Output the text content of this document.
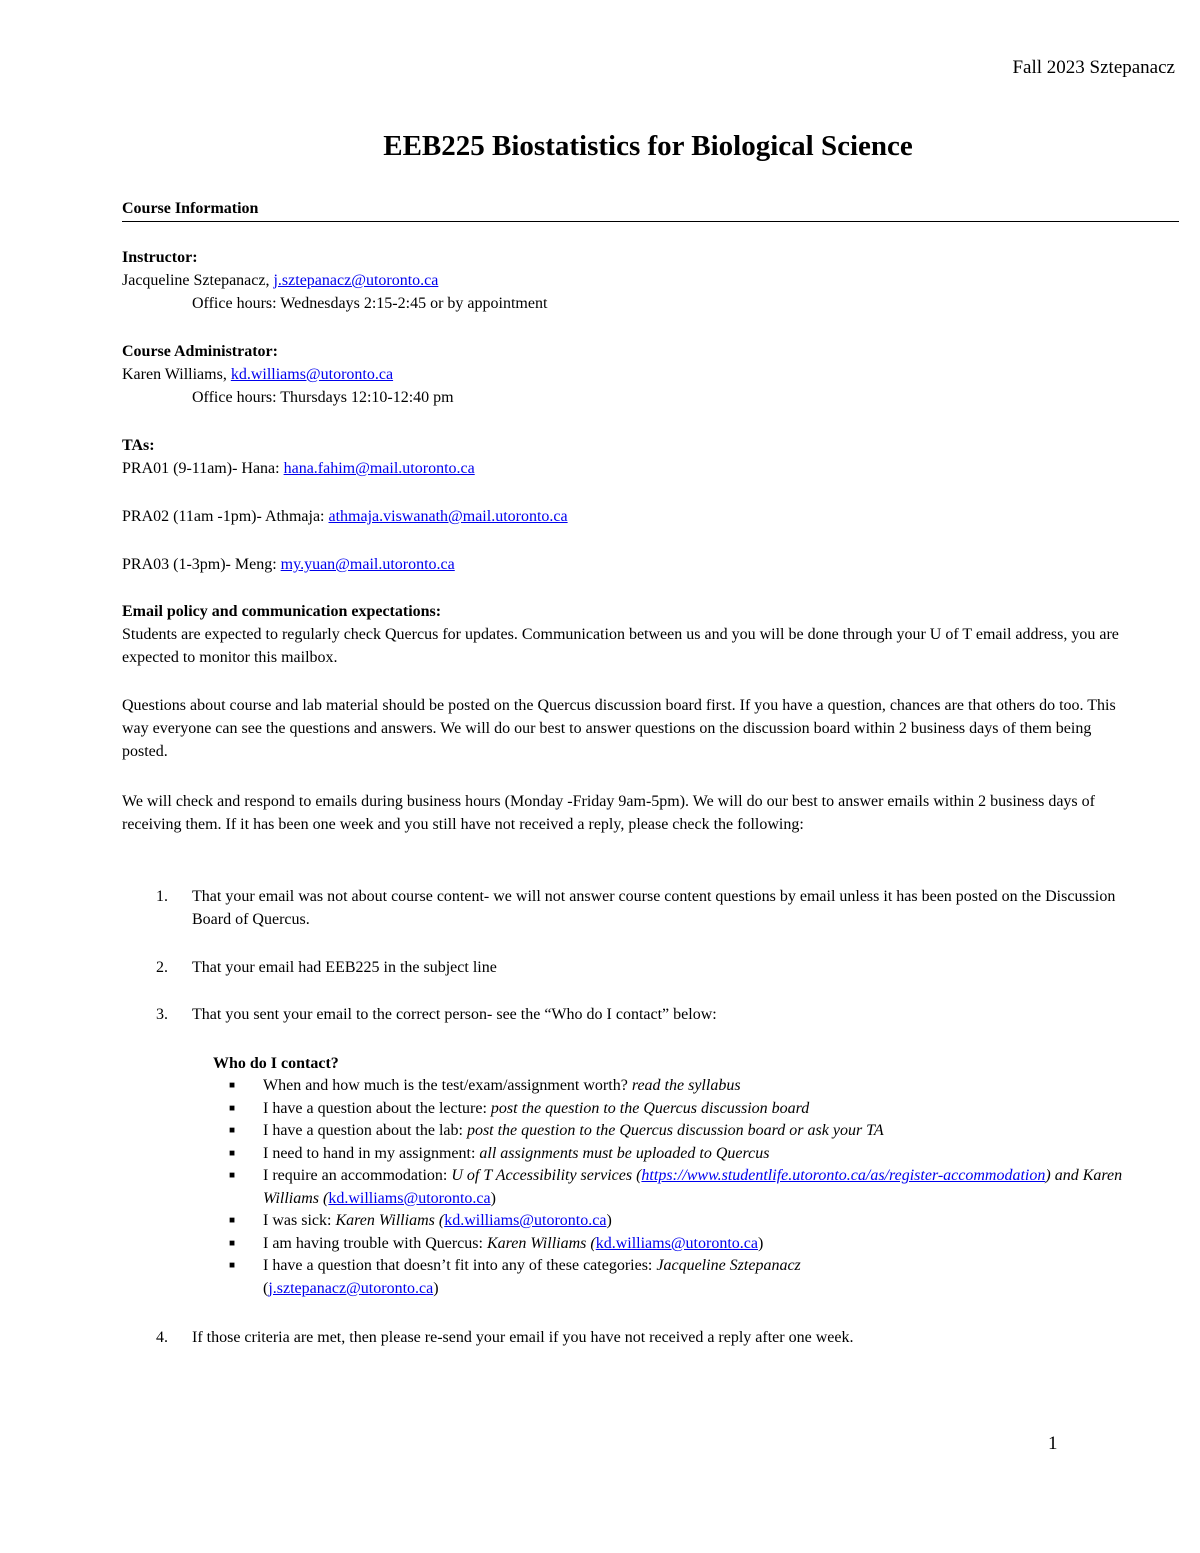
Fall 2023 Sztepanacz
EEB225 Biostatistics for Biological Science
Course Information
Instructor:
Jacqueline Sztepanacz, j.sztepanacz@utoronto.ca
Office hours: Wednesdays 2:15-2:45 or by appointment
Course Administrator:
Karen Williams, kd.williams@utoronto.ca
Office hours: Thursdays 12:10-12:40 pm
TAs:
PRA01 (9-11am)- Hana: hana.fahim@mail.utoronto.ca
PRA02 (11am -1pm)- Athmaja: athmaja.viswanath@mail.utoronto.ca
PRA03 (1-3pm)- Meng: my.yuan@mail.utoronto.ca
Email policy and communication expectations:
Students are expected to regularly check Quercus for updates. Communication between us and you will be done through your U of T email address, you are expected to monitor this mailbox.
Questions about course and lab material should be posted on the Quercus discussion board first. If you have a question, chances are that others do too. This way everyone can see the questions and answers. We will do our best to answer questions on the discussion board within 2 business days of them being posted.
We will check and respond to emails during business hours (Monday -Friday 9am-5pm). We will do our best to answer emails within 2 business days of receiving them. If it has been one week and you still have not received a reply, please check the following:
1. That your email was not about course content- we will not answer course content questions by email unless it has been posted on the Discussion Board of Quercus.
2. That your email had EEB225 in the subject line
3. That you sent your email to the correct person- see the “Who do I contact” below:
Who do I contact?
■ When and how much is the test/exam/assignment worth? read the syllabus
■ I have a question about the lecture: post the question to the Quercus discussion board
■ I have a question about the lab: post the question to the Quercus discussion board or ask your TA
■ I need to hand in my assignment: all assignments must be uploaded to Quercus
■ I require an accommodation: U of T Accessibility services (https://www.studentlife.utoronto.ca/as/register-accommodation) and Karen Williams (kd.williams@utoronto.ca)
■ I was sick: Karen Williams (kd.williams@utoronto.ca)
■ I am having trouble with Quercus: Karen Williams (kd.williams@utoronto.ca)
■ I have a question that doesn’t fit into any of these categories: Jacqueline Sztepanacz
(j.sztepanacz@utoronto.ca)
4. If those criteria are met, then please re-send your email if you have not received a reply after one week.
1
